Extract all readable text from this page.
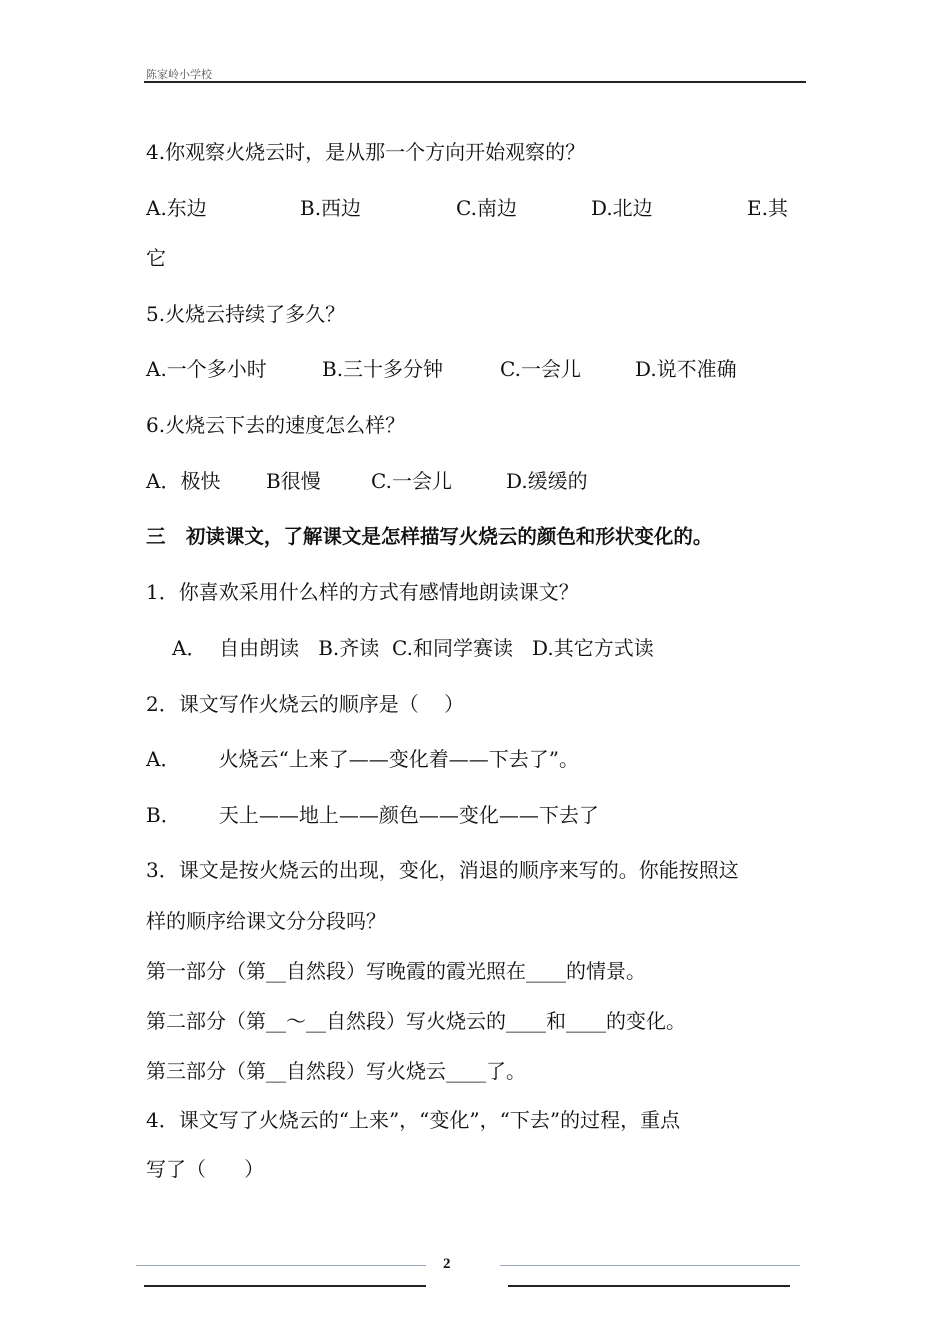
陈家岭小学校
4.你观察火烧云时，是从那一个方向开始观察的？
A.东边	B.西边	C.南边	D.北边	E.其
它
5.火烧云持续了多久？
A.一个多小时	B.三十多分钟	C.一会儿	D.说不准确
6.火烧云下去的速度怎么样？
A．极快 B很慢	C.一会儿	D.缓缓的
三   初读课文，了解课文是怎样描写火烧云的颜色和形状变化的。
1．你喜欢采用什么样的方式有感情地朗读课文？
A．  自由朗读   B.齐读  C.和同学赛读   D.其它方式读
2．课文写作火烧云的顺序是（    ）
A．      火烧云“上来了——变化着——下去了”。
B．      天上——地上——颜色——变化——下去了
3．课文是按火烧云的出现，变化，消退的顺序来写的。你能按照这
样的顺序给课文分分段吗？
第一部分（第__自然段）写晚霞的霞光照在____的情景。
第二部分（第__～__自然段）写火烧云的____和____的变化。
第三部分（第__自然段）写火烧云____了。
4．课文写了火烧云的“上来”，“变化”，“下去”的过程，重点
写了（      ）
2
